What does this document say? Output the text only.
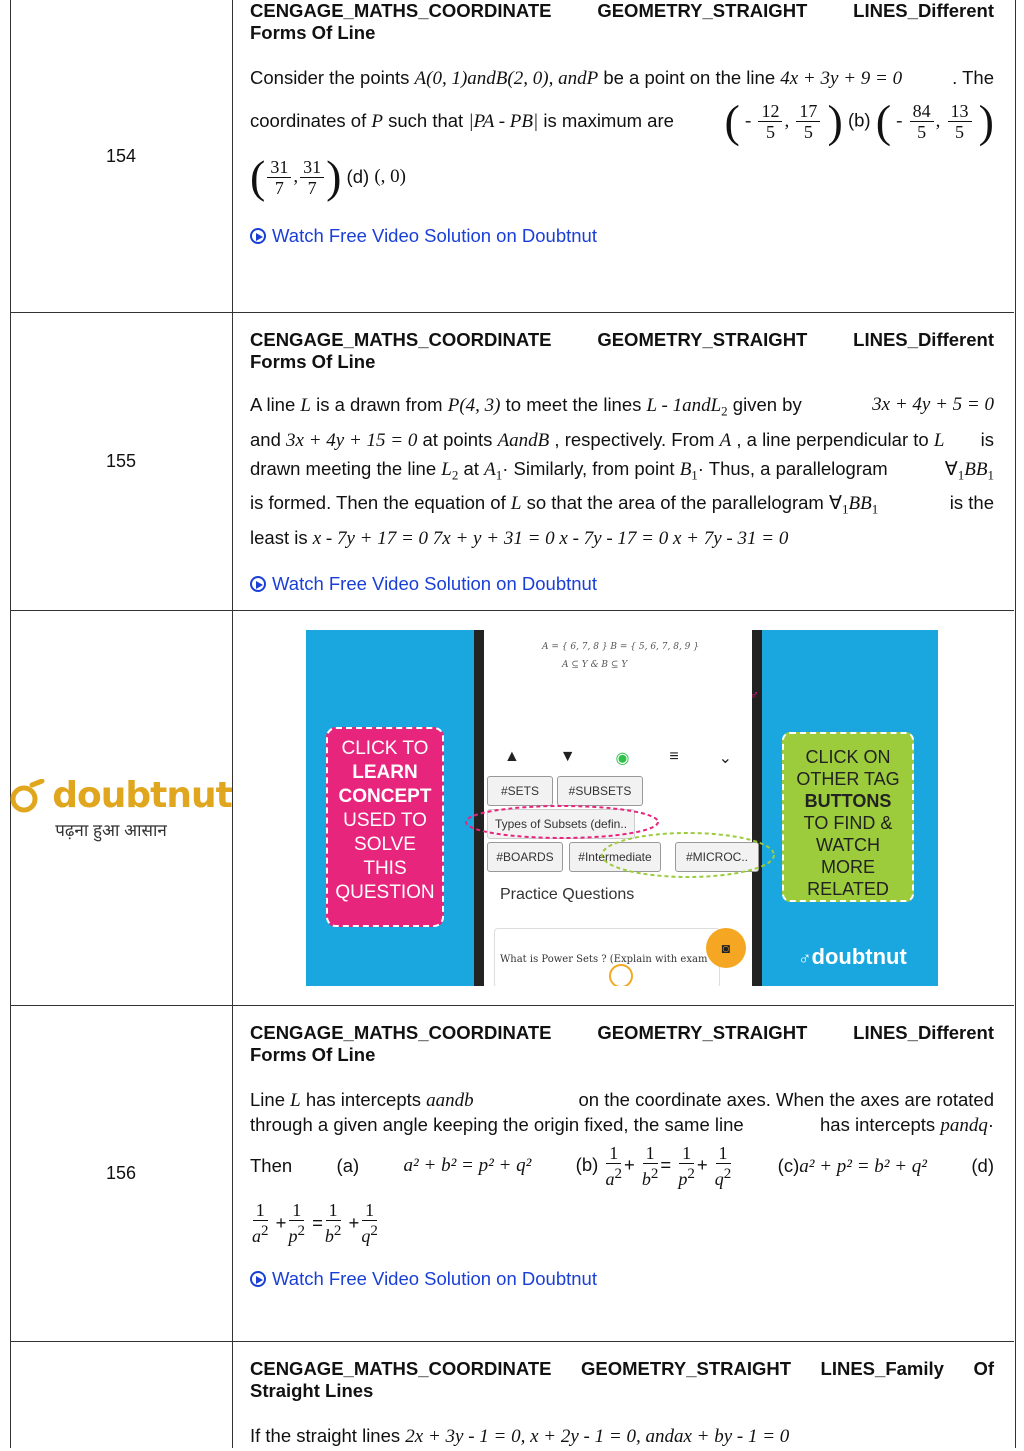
154
CENGAGE_MATHS_COORDINATE GEOMETRY_STRAIGHT LINES_Different
Forms Of Line
Consider the points A(0, 1)andB(2, 0), andP be a point on the line 4x + 3y + 9 = 0	. The
coordinates of P such that |PA - PB| is maximum are ( - $\frac{12}{5}$ , $\frac{17}{5}$ ) (b) ( - $\frac{84}{5}$ , $\frac{13}{5}$ )
( $\frac{31}{7}$ , $\frac{31}{7}$ )
(d)
(, 0)
Watch Free Video Solution on Doubtnut
155
CENGAGE_MATHS_COORDINATE GEOMETRY_STRAIGHT LINES_Different
Forms Of Line
A line L is a drawn from P(4, 3) to meet the lines L - 1andL$_2$ given by	3x + 4y + 5 = 0
and 3x + 4y + 15 = 0 at points AandB , respectively. From A , a line perpendicular to L is
drawn meeting the line $L_2$ at $A_1\cdot$ Similarly, from point $B_1\cdot$ Thus, a parallelogram	$\forall_1BB_1$
is formed. Then the equation of L so that the area of the parallelogram $\forall_1BB_1$	is the
least is x - 7y + 17 = 0 7x + y + 31 = 0 x - 7y - 17 = 0 x + 7y - 31 = 0
Watch Free Video Solution on Doubtnut
doubtnut
पढ़ना हुआ आसान
A = { 6, 7, 8 } B = { 5, 6, 7, 8, 9 }
A ⊆ Y & B ⊆ Y
♂
▲ ▼ ◉ ≡ ⌄
#SETS	#SUBSETS
Types of Subsets (defin..
#BOARDS	#Intermediate	#MICROC..
Practice Questions
What is Power Sets ? (Explain with exam
◙
CLICK TO
LEARN
CONCEPT
USED TO
SOLVE
THIS
QUESTION
CLICK ON
OTHER TAG
BUTTONS
TO FIND &
WATCH
MORE
RELATED
♂doubtnut
156
CENGAGE_MATHS_COORDINATE GEOMETRY_STRAIGHT LINES_Different
Forms Of Line
Line L has intercepts aandb	on the coordinate axes. When the axes are rotated
through a given angle keeping the origin fixed, the same line	has intercepts pandq·
Then (a) a² + b² = p² + q² $(b) \frac{1}{a^2} + \frac{1}{b^2} = \frac{1}{p^2} + \frac{1}{q^2}$	(c)a² + p² = b² + q² (d)
$\frac{1}{a^2} + \frac{1}{p^2} = \frac{1}{b^2} + \frac{1}{q^2}$
Watch Free Video Solution on Doubtnut
CENGAGE_MATHS_COORDINATE GEOMETRY_STRAIGHT LINES_Family Of
Straight Lines
If the straight lines 2x + 3y - 1 = 0, x + 2y - 1 = 0, andax + by - 1 = 0
